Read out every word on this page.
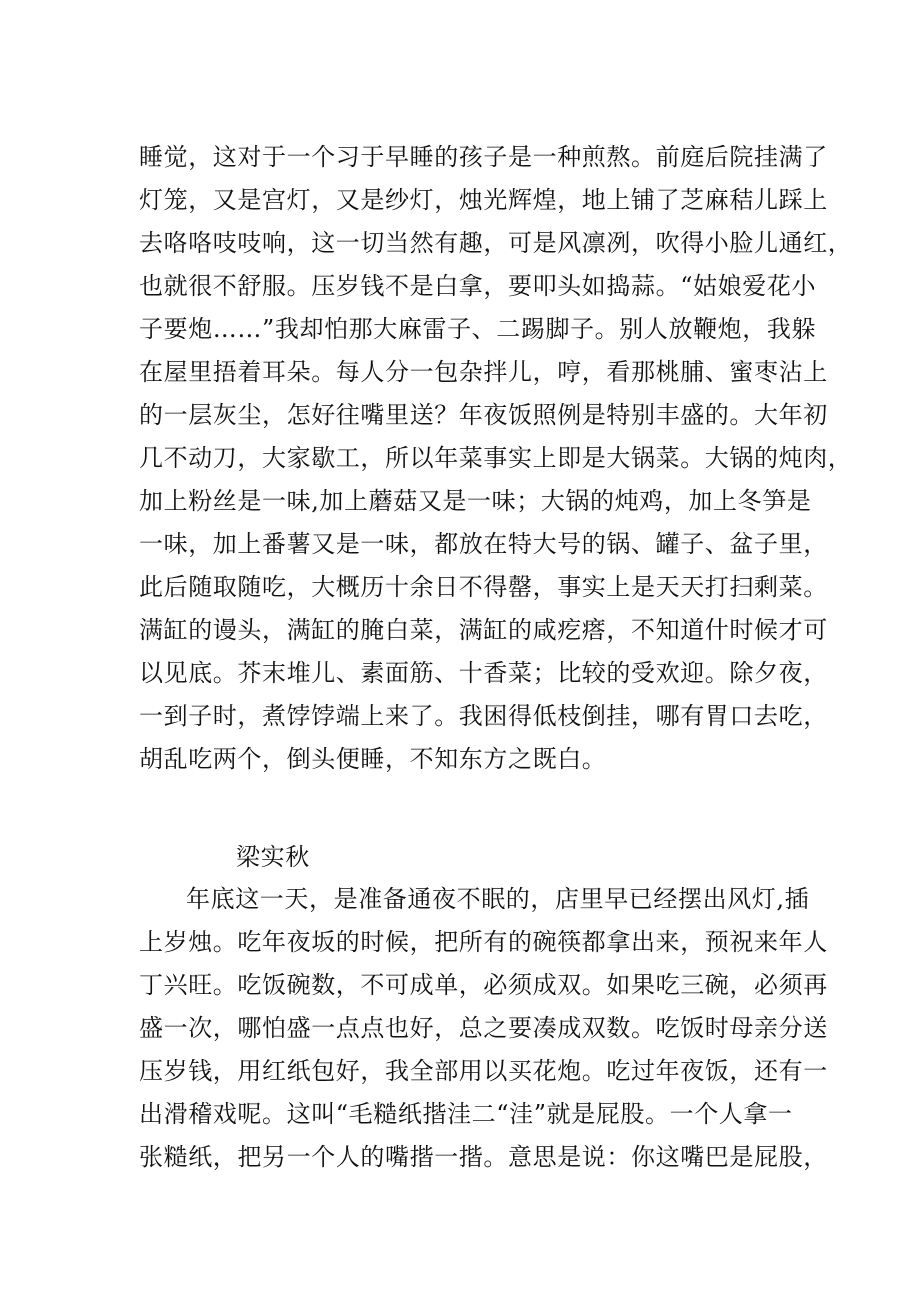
睡觉，这对于一个习于早睡的孩子是一种煎熬。前庭后院挂满了
灯笼，又是宫灯，又是纱灯，烛光辉煌，地上铺了芝麻秸儿踩上
去咯咯吱吱响，这一切当然有趣，可是风凛冽，吹得小脸儿通红，
也就很不舒服。压岁钱不是白拿，要叩头如捣蒜。“姑娘爱花小
子要炮……”我却怕那大麻雷子、二踢脚子。别人放鞭炮，我躲
在屋里捂着耳朵。每人分一包杂拌儿，哼，看那桃脯、蜜枣沾上
的一层灰尘，怎好往嘴里送？年夜饭照例是特别丰盛的。大年初
几不动刀，大家歇工，所以年菜事实上即是大锅菜。大锅的炖肉，
加上粉丝是一味,加上蘑菇又是一味；大锅的炖鸡，加上冬笋是
一味，加上番薯又是一味，都放在特大号的锅、罐子、盆子里，
此后随取随吃，大概历十余日不得罄，事实上是天天打扫剩菜。
满缸的谩头，满缸的腌白菜，满缸的咸疙瘩，不知道什时候才可
以见底。芥末堆儿、素面筋、十香菜；比较的受欢迎。除夕夜，
一到子时，煮饽饽端上来了。我困得低枝倒挂，哪有胃口去吃，
胡乱吃两个，倒头便睡，不知东方之既白。
梁实秋
年底这一天，是准备通夜不眠的，店里早已经摆出风灯,插
上岁烛。吃年夜坂的时候，把所有的碗筷都拿出来，预祝来年人
丁兴旺。吃饭碗数，不可成单，必须成双。如果吃三碗，必须再
盛一次，哪怕盛一点点也好，总之要凑成双数。吃饭时母亲分送
压岁钱，用红纸包好，我全部用以买花炮。吃过年夜饭，还有一
出滑稽戏呢。这叫“毛糙纸揩洼二“洼”就是屁股。一个人拿一
张糙纸，把另一个人的嘴揩一揩。意思是说：你这嘴巴是屁股，
